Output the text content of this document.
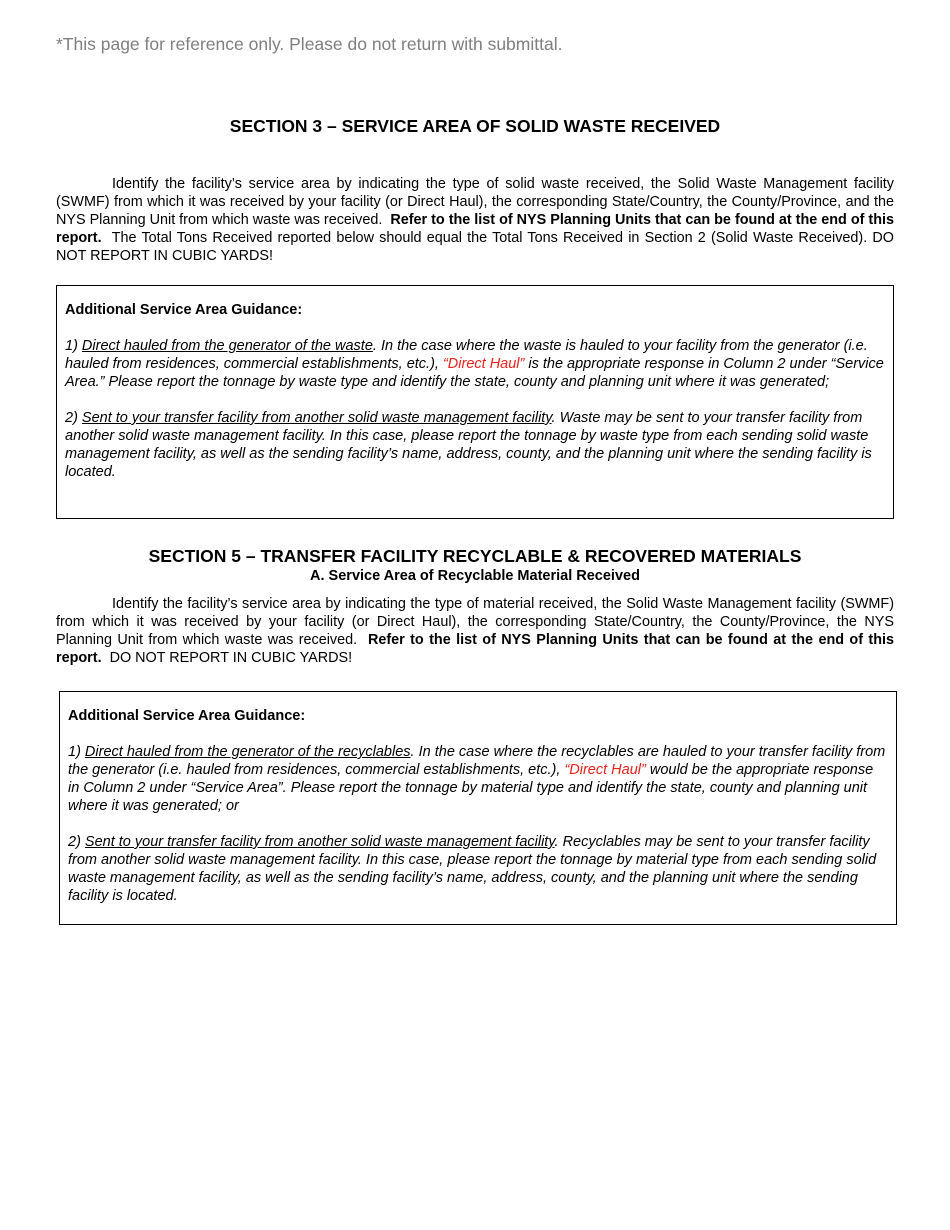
*This page for reference only. Please do not return with submittal.
SECTION 3 – SERVICE AREA OF SOLID WASTE RECEIVED

Identify the facility’s service area by indicating the type of solid waste received, the Solid Waste Management facility (SWMF) from which it was received by your facility (or Direct Haul), the corresponding State/Country, the County/Province, and the NYS Planning Unit from which waste was received. Refer to the list of NYS Planning Units that can be found at the end of this report. The Total Tons Received reported below should equal the Total Tons Received in Section 2 (Solid Waste Received). DO NOT REPORT IN CUBIC YARDS!

Additional Service Area Guidance:

1) Direct hauled from the generator of the waste. In the case where the waste is hauled to your facility from the generator (i.e. hauled from residences, commercial establishments, etc.), “Direct Haul” is the appropriate response in Column 2 under “Service Area.” Please report the tonnage by waste type and identify the state, county and planning unit where it was generated;

2) Sent to your transfer facility from another solid waste management facility. Waste may be sent to your transfer facility from another solid waste management facility. In this case, please report the tonnage by waste type from each sending solid waste management facility, as well as the sending facility’s name, address, county, and the planning unit where the sending facility is located.

SECTION 5 – TRANSFER FACILITY RECYCLABLE & RECOVERED MATERIALS
A. Service Area of Recyclable Material Received

Identify the facility’s service area by indicating the type of material received, the Solid Waste Management facility (SWMF) from which it was received by your facility (or Direct Haul), the corresponding State/Country, the County/Province, the NYS Planning Unit from which waste was received. Refer to the list of NYS Planning Units that can be found at the end of this report. DO NOT REPORT IN CUBIC YARDS!

Additional Service Area Guidance:

1) Direct hauled from the generator of the recyclables. In the case where the recyclables are hauled to your transfer facility from the generator (i.e. hauled from residences, commercial establishments, etc.), “Direct Haul” would be the appropriate response in Column 2 under “Service Area”. Please report the tonnage by material type and identify the state, county and planning unit where it was generated; or

2) Sent to your transfer facility from another solid waste management facility. Recyclables may be sent to your transfer facility from another solid waste management facility. In this case, please report the tonnage by material type from each sending solid waste management facility, as well as the sending facility’s name, address, county, and the planning unit where the sending facility is located.
